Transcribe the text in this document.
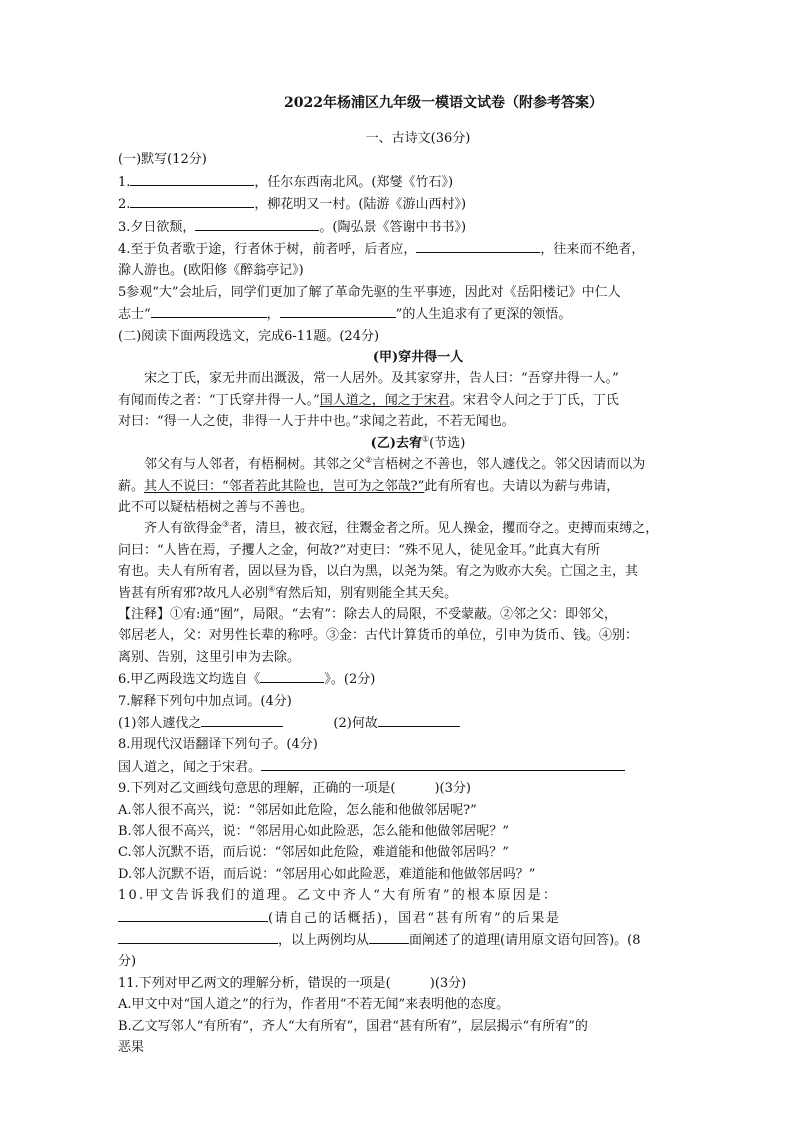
2022年杨浦区九年级一模语文试卷（附参考答案）
一、古诗文(36分)
(一)默写(12分)
1.	，任尔东西南北风。(郑燮《竹石》)
2.	，柳花明又一村。(陆游《游山西村》)
3.夕日欲颓，	。(陶弘景《答谢中书书》)
4.至于负者歌于途，行者休于树，前者呼，后者应，	，往来而不绝者，
滁人游也。(欧阳修《醉翁亭记》)
5参观“大”会址后，同学们更加了解了革命先驱的生平事迹，因此对《岳阳楼记》中仁人
志士“	，	”的人生追求有了更深的领悟。
(二)阅读下面两段选文，完成6-11题。(24分)
(甲)穿井得一人
宋之丁氏，家无井而出溉汲，常一人居外。及其家穿井，告人曰：“吾穿井得一人。”
有闻而传之者：“丁氏穿井得一人。”国人道之，闻之于宋君。宋君令人问之于丁氏，丁氏
对曰：“得一人之使，非得一人于井中也。”求闻之若此，不若无闻也。
(乙)去宥①(节选)
邻父有与人邻者，有梧桐树。其邻之父②言梧树之不善也，邻人遽伐之。邻父因请而以为
薪。其人不说曰：“邻者若此其险也，岂可为之邻哉?”此有所宥也。夫请以为薪与弗请，
此不可以疑枯梧树之善与不善也。
齐人有欲得金③者，清旦，被衣冠，往鬻金者之所。见人操金，攫而夺之。吏搏而束缚之，
问曰：“人皆在焉，子攫人之金，何故?”对吏曰：“殊不见人，徒见金耳。”此真大有所
宥也。夫人有所宥者，固以昼为昏，以白为黑，以尧为桀。宥之为败亦大矣。亡国之主，其
皆甚有所宥邪?故凡人必别④宥然后知，别宥则能全其天矣。
【注释】①宥:通“囿”，局限。“去宥”：除去人的局限，不受蒙蔽。②邻之父：即邻父，
邻居老人，父：对男性长辈的称呼。③金：古代计算货币的单位，引申为货币、钱。④别：
离别、告别，这里引申为去除。
6.甲乙两段选文均选自《	》。(2分)
7.解释下列句中加点词。(4分)
(1)邻人遽伐之	(2)何故
8.用现代汉语翻译下列句子。(4分)
国人道之，闻之于宋君。
9.下列对乙文画线句意思的理解，正确的一项是(　　　)(3分)
A.邻人很不高兴，说：“邻居如此危险，怎么能和他做邻居呢?”
B.邻人很不高兴，说：“邻居用心如此险恶，怎么能和他做邻居呢？”
C.邻人沉默不语，而后说：“邻居如此危险，难道能和他做邻居吗？”
D.邻人沉默不语，而后说：“邻居用心如此险恶，难道能和他做邻居吗？”
10.甲文告诉我们的道理。乙文中齐人“大有所宥”的根本原因是：
(请自己的话概括)，国君“甚有所宥”的后果是
，以上两例均从	面阐述了的道理(请用原文语句回答)。(8
分)
11.下列对甲乙两文的理解分析，错误的一项是(　　　)(3分)
A.甲文中对“国人道之”的行为，作者用“不若无闻”来表明他的态度。
B.乙文写邻人“有所宥”，齐人“大有所宥”，国君“甚有所宥”，层层揭示“有所宥”的
恶果
